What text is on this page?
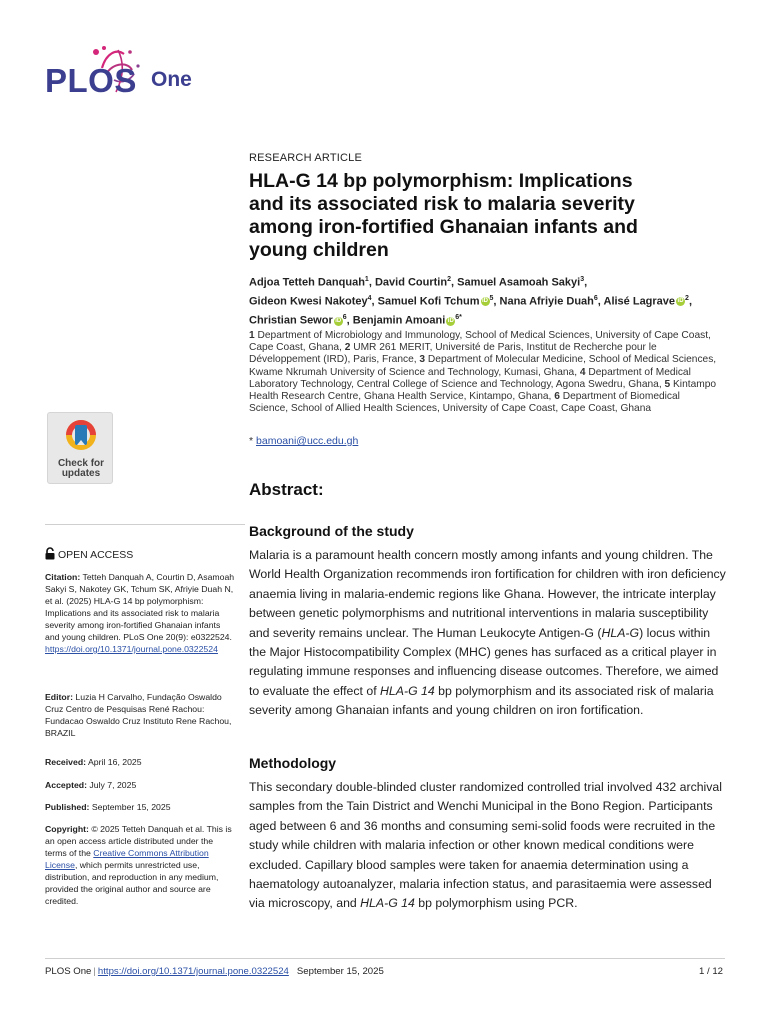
PLOS One
RESEARCH ARTICLE
HLA-G 14 bp polymorphism: Implications and its associated risk to malaria severity among iron-fortified Ghanaian infants and young children
Adjoa Tetteh Danquah$^1$, David Courtin$^2$, Samuel Asamoah Sakyi$^3$,
Gideon Kwesi Nakotey$^4$, Samuel Kofi Tchum iD $^5$, Nana Afriyie Duah$^6$, Alisé Lagrave iD $^2$,
Christian Sewor iD $^6$, Benjamin Amoani iD $^{6*}$
1 Department of Microbiology and Immunology, School of Medical Sciences, University of Cape Coast, Cape Coast, Ghana, 2 UMR 261 MERIT, Université de Paris, Institut de Recherche pour le Développement (IRD), Paris, France, 3 Department of Molecular Medicine, School of Medical Sciences, Kwame Nkrumah University of Science and Technology, Kumasi, Ghana, 4 Department of Medical Laboratory Technology, Central College of Science and Technology, Agona Swedru, Ghana, 5 Kintampo Health Research Centre, Ghana Health Service, Kintampo, Ghana, 6 Department of Biomedical Science, School of Allied Health Sciences, University of Cape Coast, Cape Coast, Ghana
* bamoani@ucc.edu.gh
Check for
updates
OPEN ACCESS
Citation: Tetteh Danquah A, Courtin D, Asamoah Sakyi S, Nakotey GK, Tchum SK, Afriyie Duah N, et al. (2025) HLA-G 14 bp polymorphism: Implications and its associated risk to malaria severity among iron-fortified Ghanaian infants and young children. PLoS One 20(9): e0322524. https://doi.org/10.1371/journal.pone.0322524
Editor: Luzia H Carvalho, Fundação Oswaldo Cruz Centro de Pesquisas René Rachou: Fundacao Oswaldo Cruz Instituto Rene Rachou, BRAZIL
Received: April 16, 2025
Accepted: July 7, 2025
Published: September 15, 2025
Copyright: © 2025 Tetteh Danquah et al. This is an open access article distributed under the terms of the Creative Commons Attribution License, which permits unrestricted use, distribution, and reproduction in any medium, provided the original author and source are credited.
Abstract:
Background of the study

Malaria is a paramount health concern mostly among infants and young children. The World Health Organization recommends iron fortification for children with iron deficiency anaemia living in malaria-endemic regions like Ghana. However, the intricate interplay between genetic polymorphisms and nutritional interventions in malaria susceptibility and severity remains unclear. The Human Leukocyte Antigen-G (HLA-G) locus within the Major Histocompatibility Complex (MHC) genes has surfaced as a critical player in regulating immune responses and influencing disease outcomes. Therefore, we aimed to evaluate the effect of HLA-G 14 bp polymorphism and its associated risk of malaria severity among Ghanaian infants and young children on iron fortification.

Methodology

This secondary double-blinded cluster randomized controlled trial involved 432 archival samples from the Tain District and Wenchi Municipal in the Bono Region. Participants aged between 6 and 36 months and consuming semi-solid foods were recruited in the study while children with malaria infection or other known medical conditions were excluded. Capillary blood samples were taken for anaemia determination using a haematology autoanalyzer, malaria infection status, and parasitaemia were assessed via microscopy, and HLA-G 14 bp polymorphism using PCR.

PLOS One | https://doi.org/10.1371/journal.pone.0322524 September 15, 2025	1 / 12
